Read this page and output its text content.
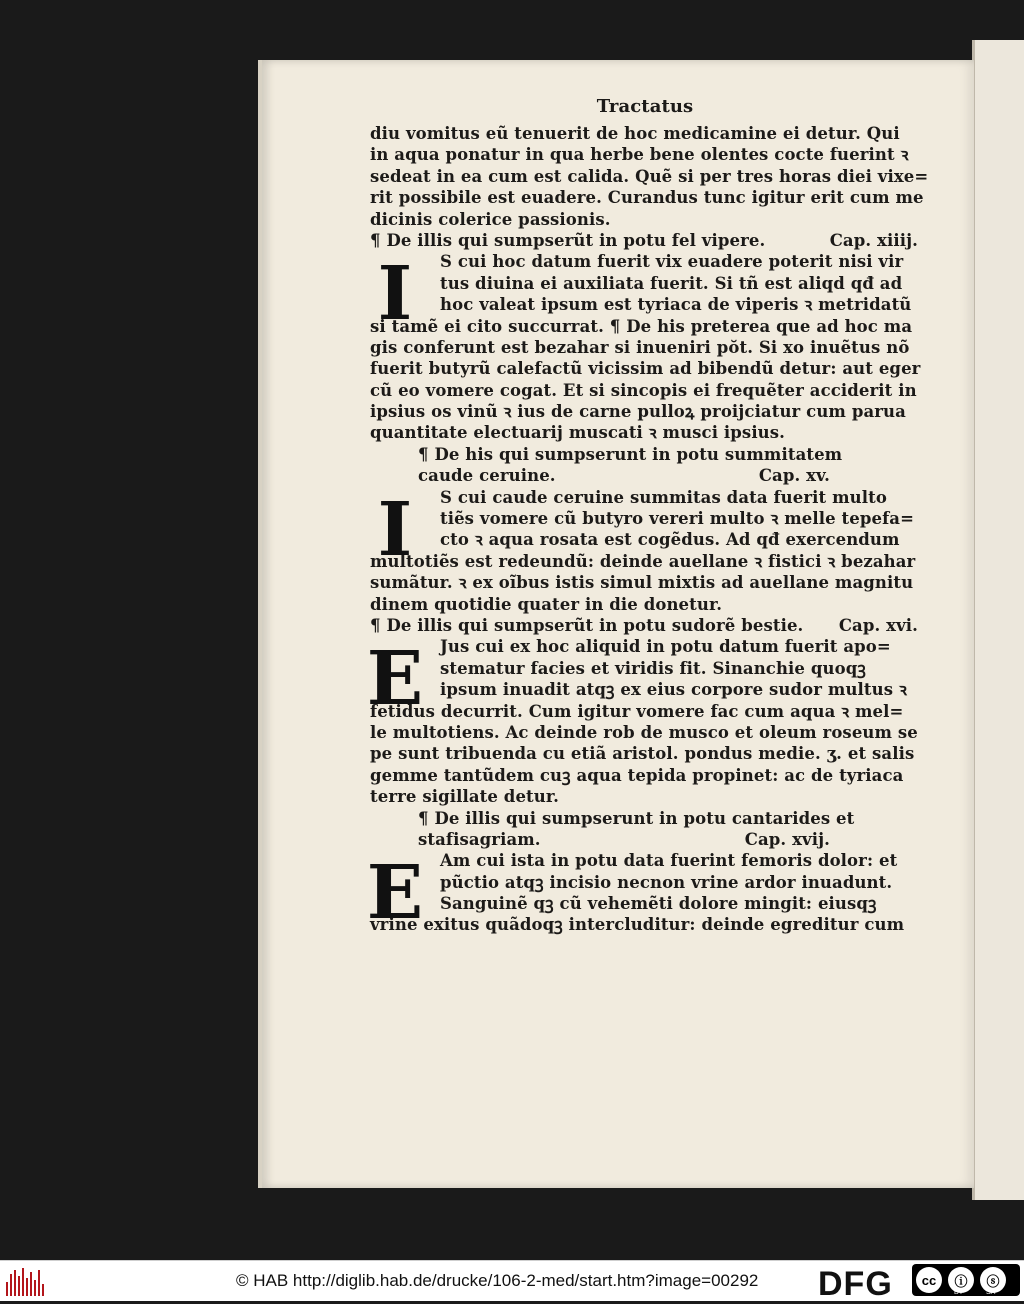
Tractatus
diu vomitus eũ tenuerit de hoc medicamine ei detur. Qui
in aqua ponatur in qua herbe bene olentes cocte fuerint ꝛ
sedeat in ea cum est calida. Quẽ si per tres horas diei vixe=
rit possibile est euadere. Curandus tunc igitur erit cum me
dicinis colerice passionis.
¶ De illis qui sumpserũt in potu fel vipere.	Cap. xiiij.
I	S cui hoc datum fuerit vix euadere poterit nisi vir
tus diuina ei auxiliata fuerit. Si tñ est aliqd qđ ad
hoc valeat ipsum est tyriaca de viperis ꝛ metridatũ
si tamẽ ei cito succurrat. ¶ De his preterea que ad hoc ma
gis conferunt est bezahar si inueniri pŏt. Si xo inuẽtus nõ
fuerit butyrũ calefactũ vicissim ad bibendũ detur: aut eger
cũ eo vomere cogat. Et si sincopis ei frequẽter acciderit in
ipsius os vinũ ꝛ ius de carne pulloꝝ proĳciatur cum parua
quantitate electuarĳ muscati ꝛ musci ipsius.
¶ De his qui sumpserunt in potu summitatem
caude ceruine.	Cap. xv.
I	S cui caude ceruine summitas data fuerit multo
tiẽs vomere cũ butyro vereri multo ꝛ melle tepefa=
cto ꝛ aqua rosata est cogẽdus. Ad qđ exercendum
multotiẽs est redeundũ: deinde auellane ꝛ fistici ꝛ bezahar
sumãtur. ꝛ ex oĩbus istis simul mixtis ad auellane magnitu
dinem quotidie quater in die donetur.
¶ De illis qui sumpserũt in potu sudorẽ bestie. Cap. xvi.
E	Jus cui ex hoc aliquid in potu datum fuerit apo=
stematur facies et viridis fit. Sinanchie quoqꝫ
ipsum inuadit atqꝫ ex eius corpore sudor multus ꝛ
fetidus decurrit. Cum igitur vomere fac cum aqua ꝛ mel=
le multotiens. Ac deinde rob de musco et oleum roseum se
pe sunt tribuenda cu etiã aristol. pondus medie. ʒ. et salis
gemme tantũdem cuꝫ aqua tepida propinet: ac de tyriaca
terre sigillate detur.
¶ De illis qui sumpserunt in potu cantarides et
stafisagriam.	Cap. xvij.
E	Am cui ista in potu data fuerint femoris dolor: et
pũctio atqꝫ incisio necnon vrine ardor inuadunt.
Sanguinẽ qꝫ cũ vehemẽti dolore mingit: eiusqꝫ
vrine exitus quãdoqꝫ intercluditur: deinde egreditur cum
© HAB http://diglib.hab.de/drucke/106-2-med/start.htm?image=00292 DFG	cc	ⓘ	ⓢ
BY	SA
